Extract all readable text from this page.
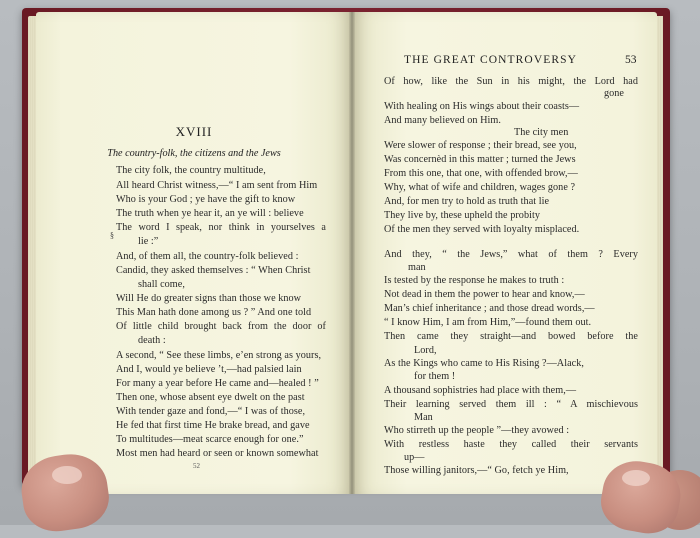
XVIII
The country-folk, the citizens and the Jews
The city folk, the country multitude,
All heard Christ witness,—“ I am sent from Him
Who is your God ; ye have the gift to know
The truth when ye hear it, an ye will : believe
The word I speak, nor think in yourselves a
§
lie :”
And, of them all, the country-folk believed :
Candid, they asked themselves : “ When Christ
shall come,
Will He do greater signs than those we know
This Man hath done among us ? ” And one told
Of little child brought back from the door of
death :
A second, “ See these limbs, e’en strong as yours,
And I, would ye believe ’t,—had palsied lain
For many a year before He came and—healed ! ”
Then one, whose absent eye dwelt on the past
With tender gaze and fond,—“ I was of those,
He fed that first time He brake bread, and gave
To multitudes—meat scarce enough for one.”
Most men had heard or seen or known somewhat
52
THE GREAT CONTROVERSY	53
Of how, like the Sun in his might, the Lord had
gone
With healing on His wings about their coasts—
And many believed on Him.
The city men
Were slower of response ; their bread, see you,
Was concernèd in this matter ; turned the Jews
From this one, that one, with offended brow,—
Why, what of wife and children, wages gone ?
And, for men try to hold as truth that lie
They live by, these upheld the probity
Of the men they served with loyalty misplaced.
And they, “ the Jews,” what of them ? Every
man
Is tested by the response he makes to truth :
Not dead in them the power to hear and know,—
Man’s chief inheritance ; and those dread words,—
“ I know Him, I am from Him,”—found them out.
Then came they straight—and bowed before the
Lord,
As the Kings who came to His Rising ?—Alack,
for them !
A thousand sophistries had place with them,—
Their learning served them ill : “ A mischievous
Man
Who stirreth up the people ”—they avowed :
With restless haste they called their servants
up—
Those willing janitors,—“ Go, fetch ye Him,
